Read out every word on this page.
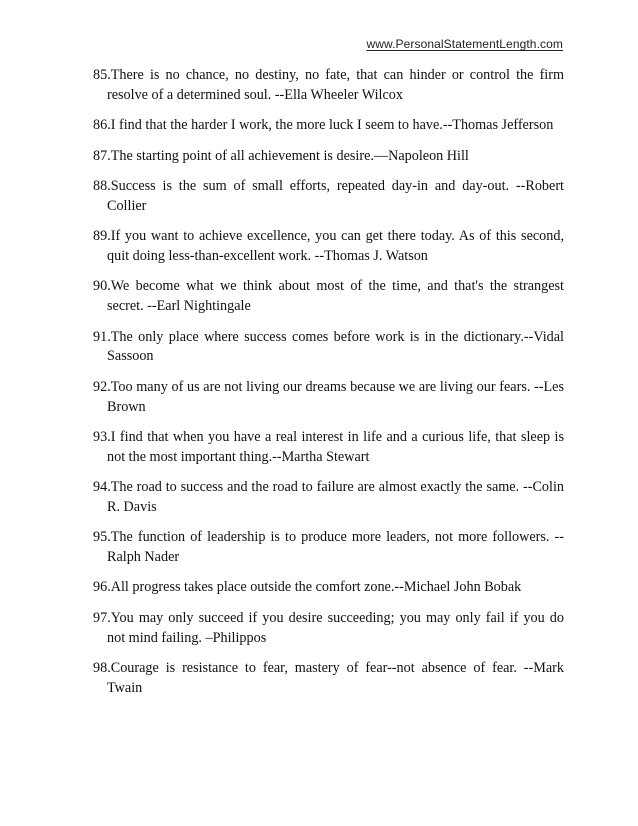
www.PersonalStatementLength.com
85.There is no chance, no destiny, no fate, that can hinder or control the firm resolve of a determined soul. --Ella Wheeler Wilcox
86.I find that the harder I work, the more luck I seem to have.--Thomas Jefferson
87.The starting point of all achievement is desire.—Napoleon Hill
88.Success is the sum of small efforts, repeated day-in and day-out. --Robert Collier
89.If you want to achieve excellence, you can get there today. As of this second, quit doing less-than-excellent work. --Thomas J. Watson
90.We become what we think about most of the time, and that's the strangest secret. --Earl Nightingale
91.The only place where success comes before work is in the dictionary.--Vidal Sassoon
92.Too many of us are not living our dreams because we are living our fears. --Les Brown
93.I find that when you have a real interest in life and a curious life, that sleep is not the most important thing.--Martha Stewart
94.The road to success and the road to failure are almost exactly the same. --Colin R. Davis
95.The function of leadership is to produce more leaders, not more followers. --Ralph Nader
96.All progress takes place outside the comfort zone.--Michael John Bobak
97.You may only succeed if you desire succeeding; you may only fail if you do not mind failing. –Philippos
98.Courage is resistance to fear, mastery of fear--not absence of fear. --Mark Twain
